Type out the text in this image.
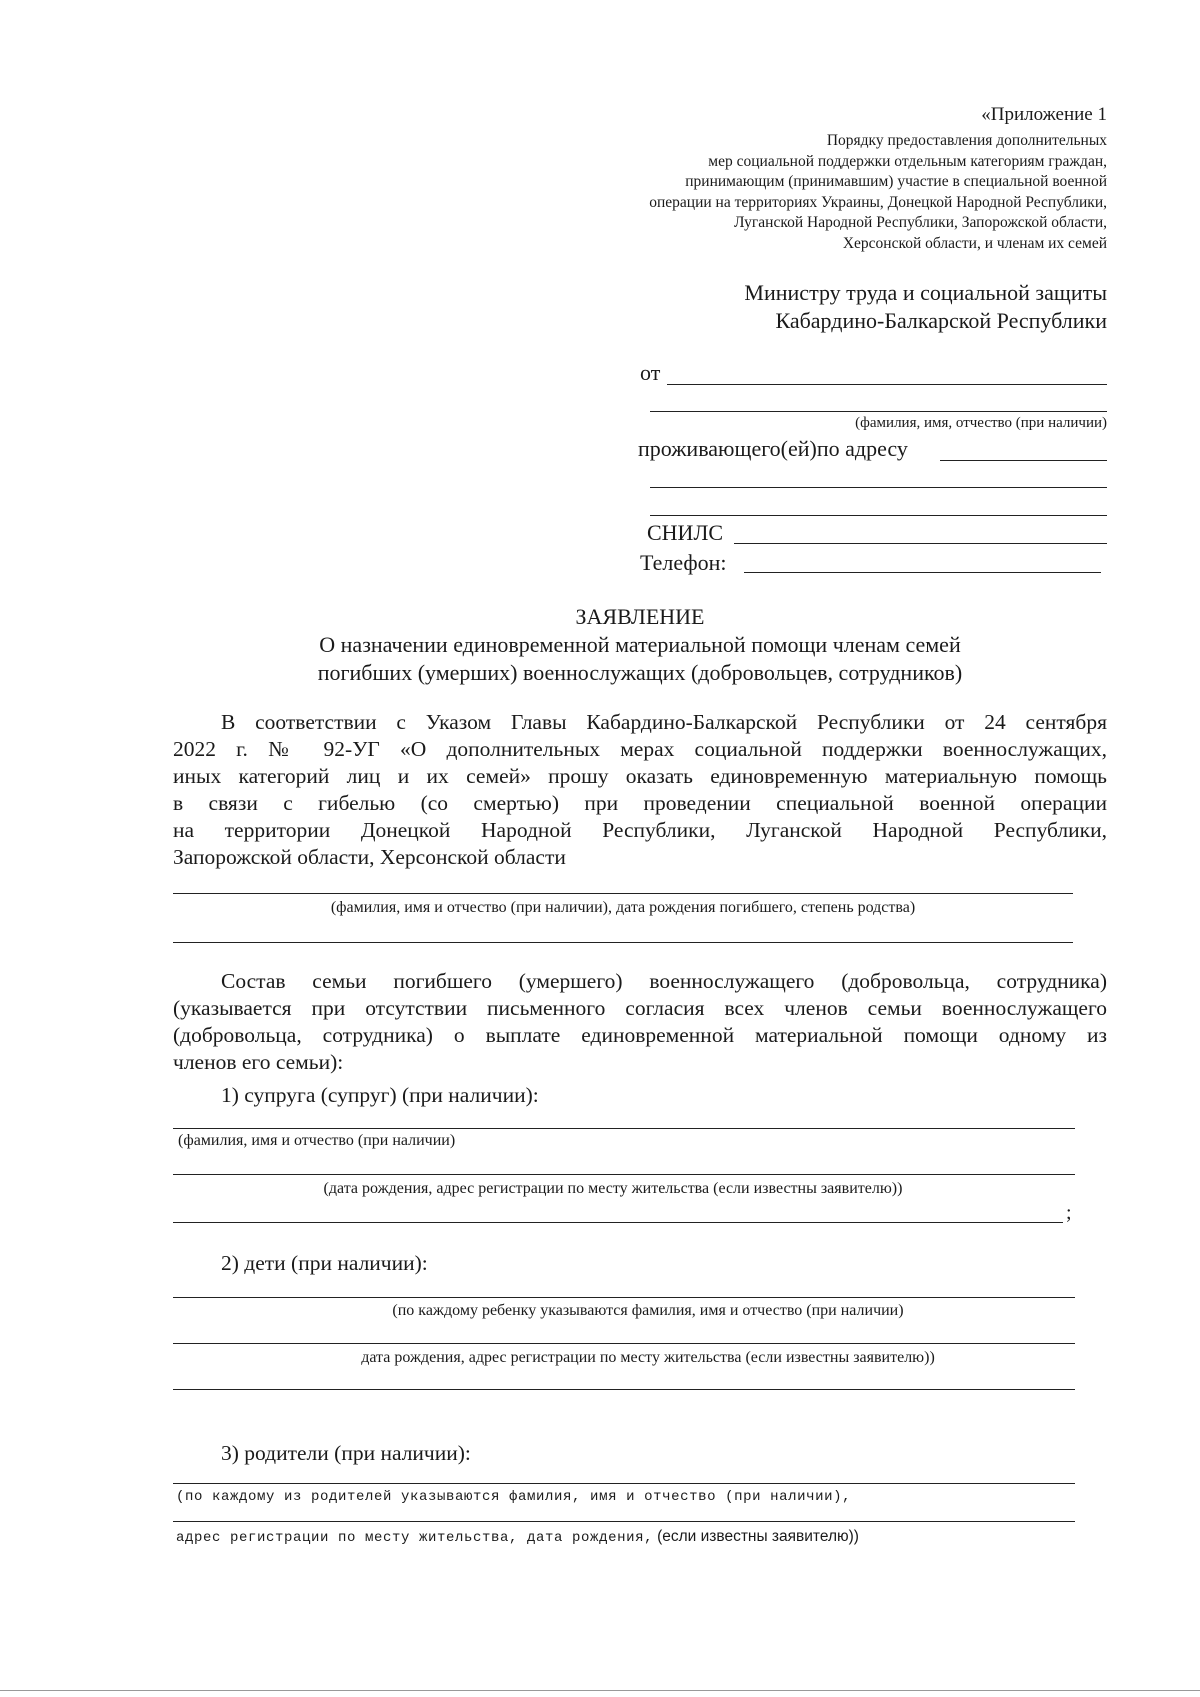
«Приложение 1
Порядку предоставления дополнительных
мер социальной поддержки отдельным категориям граждан,
принимающим (принимавшим) участие в специальной военной
операции на территориях Украины, Донецкой Народной Республики,
Луганской Народной Республики, Запорожской области,
Херсонской области, и членам их семей
Министру труда и социальной защиты
Кабардино-Балкарской Республики
от
(фамилия, имя, отчество (при наличии)
проживающего(ей)по адресу
СНИЛС
Телефон:
ЗАЯВЛЕНИЕ
О назначении единовременной материальной помощи членам семей
погибших (умерших) военнослужащих (добровольцев, сотрудников)
В соответствии с Указом Главы Кабардино-Балкарской Республики от 24 сентября
2022 г. № 92-УГ «О дополнительных мерах социальной поддержки военнослужащих,
иных категорий лиц и их семей» прошу оказать единовременную материальную помощь
в связи с гибелью (со смертью) при проведении специальной военной операции
на территории Донецкой Народной Республики, Луганской Народной Республики,
Запорожской области, Херсонской области
(фамилия, имя и отчество (при наличии), дата рождения погибшего, степень родства)
Состав семьи погибшего (умершего) военнослужащего (добровольца, сотрудника)
(указывается при отсутствии письменного согласия всех членов семьи военнослужащего
(добровольца, сотрудника) о выплате единовременной материальной помощи одному из
членов его семьи):
1) супруга (супруг) (при наличии):
(фамилия, имя и отчество (при наличии)
(дата рождения, адрес регистрации по месту жительства (если известны заявителю))
;
2) дети (при наличии):
(по каждому ребенку указываются фамилия, имя и отчество (при наличии)
дата рождения, адрес регистрации по месту жительства (если известны заявителю))
3) родители (при наличии):
(по каждому из родителей указываются фамилия, имя и отчество (при наличии),
адрес регистрации по месту жительства, дата рождения, (если известны заявителю))
